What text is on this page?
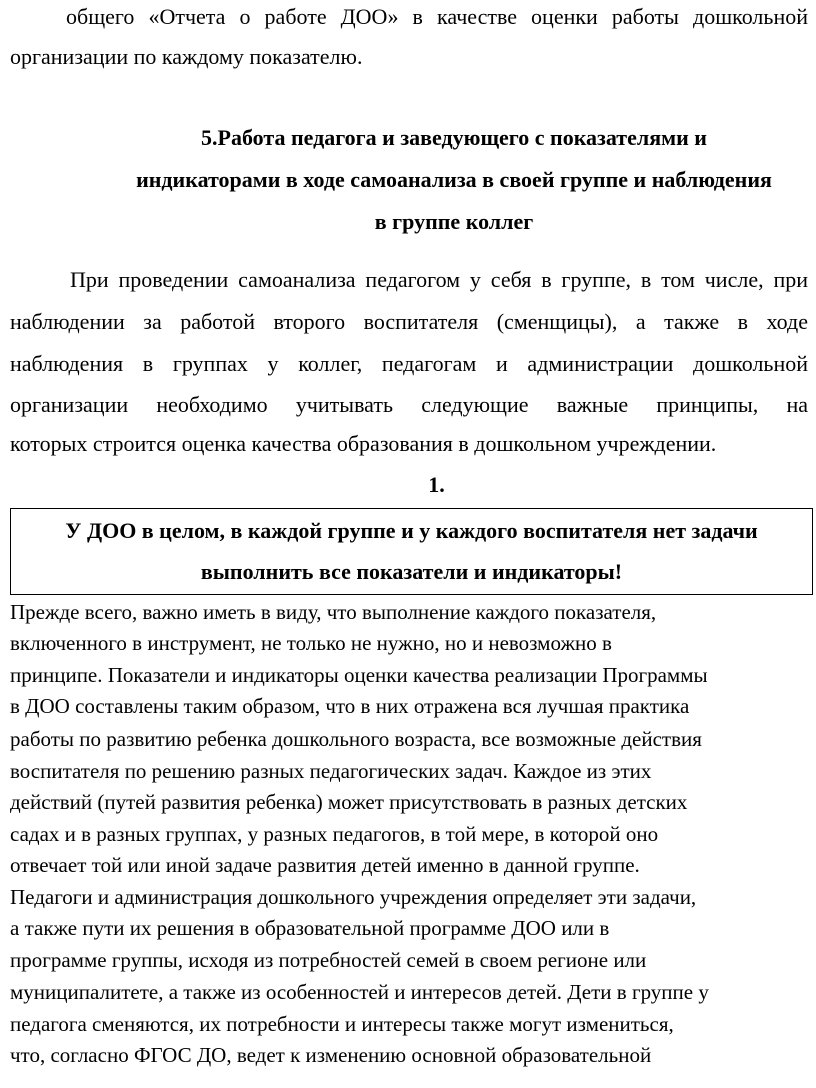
общего «Отчета о работе ДОО» в качестве оценки работы дошкольной
организации по каждому показателю.
5.Работа педагога и заведующего с показателями и
индикаторами в ходе самоанализа в своей группе и наблюдения
в группе коллег
При проведении самоанализа педагогом у себя в группе, в том числе, при
наблюдении за работой второго воспитателя (сменщицы), а также в ходе
наблюдения в группах у коллег, педагогам и администрации дошкольной
организации необходимо учитывать следующие важные принципы, на
которых строится оценка качества образования в дошкольном учреждении.
1.
У ДОО в целом, в каждой группе и у каждого воспитателя нет задачи
выполнить все показатели и индикаторы!
Прежде всего, важно иметь в виду, что выполнение каждого показателя,
включенного в инструмент, не только не нужно, но и невозможно в
принципе. Показатели и индикаторы оценки качества реализации Программы
в ДОО составлены таким образом, что в них отражена вся лучшая практика
работы по развитию ребенка дошкольного возраста, все возможные действия
воспитателя по решению разных педагогических задач. Каждое из этих
действий (путей развития ребенка) может присутствовать в разных детских
садах и в разных группах, у разных педагогов, в той мере, в которой оно
отвечает той или иной задаче развития детей именно в данной группе.
Педагоги и администрация дошкольного учреждения определяет эти задачи,
а также пути их решения в образовательной программе ДОО или в
программе группы, исходя из потребностей семей в своем регионе или
муниципалитете, а также из особенностей и интересов детей. Дети в группе у
педагога сменяются, их потребности и интересы также могут измениться,
что, согласно ФГОС ДО, ведет к изменению основной образовательной
